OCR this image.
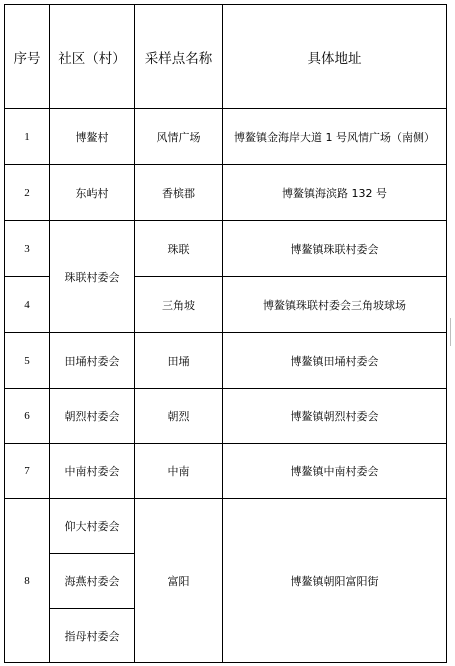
序号	社区（村）	采样点名称	具体地址
1	博鳌村	风情广场	博鳌镇金海岸大道 1 号风情广场（南侧）
2	东屿村	香槟郡	博鳌镇海滨路 132 号
3	珠联村委会	珠联	博鳌镇珠联村委会
4		三角坡	博鳌镇珠联村委会三角坡球场
5	田埇村委会	田埇	博鳌镇田埇村委会
6	朝烈村委会	朝烈	博鳌镇朝烈村委会
7	中南村委会	中南	博鳌镇中南村委会
8	仰大村委会	富阳	博鳌镇朝阳富阳街
	海燕村委会		
	指母村委会		
